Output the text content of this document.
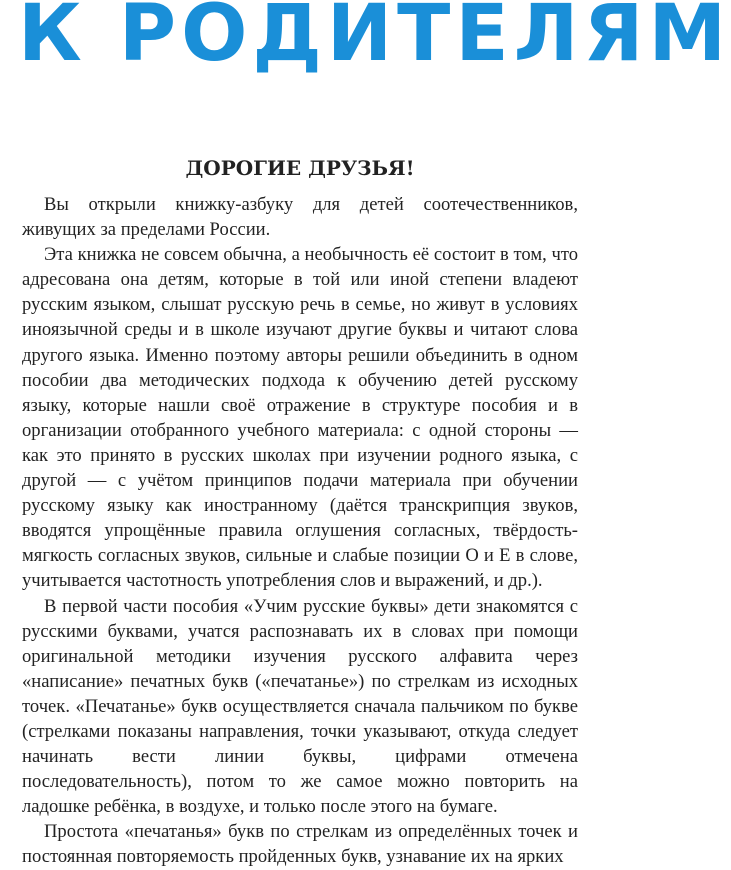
К РОДИТЕЛЯМ
ДОРОГИЕ ДРУЗЬЯ!

Вы открыли книжку-азбуку для детей соотечественников, живущих за пределами России.

Эта книжка не совсем обычна, а необычность её состоит в том, что адресована она детям, которые в той или иной степени владеют русским языком, слышат русскую речь в семье, но живут в условиях иноязычной среды и в школе изучают другие буквы и читают слова другого языка. Именно поэтому авторы решили объединить в одном пособии два методических подхода к обучению детей русскому языку, которые нашли своё отражение в структуре пособия и в организации отобранного учебного материала: с одной стороны — как это принято в русских школах при изучении родного языка, с другой — с учётом принципов подачи материала при обучении русскому языку как иностранному (даётся транскрипция звуков, вводятся упрощённые правила оглушения согласных, твёрдость-мягкость согласных звуков, сильные и слабые позиции О и Е в слове, учитывается частотность употребления слов и выражений, и др.).

В первой части пособия «Учим русские буквы» дети знакомятся с русскими буквами, учатся распознавать их в словах при помощи оригинальной методики изучения русского алфавита через «написание» печатных букв («печатанье») по стрелкам из исходных точек. «Печатанье» букв осуществляется сначала пальчиком по букве (стрелками показаны направления, точки указывают, откуда следует начинать вести линии буквы, цифрами отмечена последовательность), потом то же самое можно повторить на ладошке ребёнка, в воздухе, и только после этого на бумаге.

Простота «печатанья» букв по стрелкам из определённых точек и постоянная повторяемость пройденных букв, узнавание их на ярких
